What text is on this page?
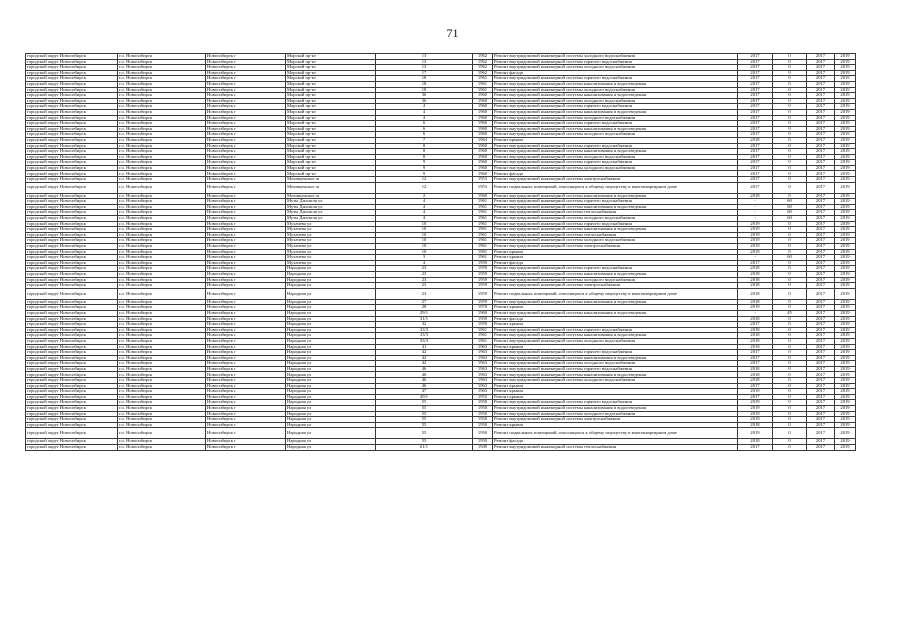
71
городской округ Новосибирск	г.о. Новосибирск	Новосибирск г	Морской пр-кт	13	1962	Ремонт внутридомовой инженерной системы холодного водоснабжения	2017	0	2017	2019
городской округ Новосибирск	г.о. Новосибирск	Новосибирск г	Морской пр-кт	13	1962	Ремонт внутридомовой инженерной системы горячего водоснабжения	2017	0	2017	2019
городской округ Новосибирск	г.о. Новосибирск	Новосибирск г	Морской пр-кт	13	1962	Ремонт внутридомовой инженерной системы холодного водоснабжения	2017	0	2017	2019
городской округ Новосибирск	г.о. Новосибирск	Новосибирск г	Морской пр-кт	17	1962	Ремонт фасада	2017	0	2017	2019
городской округ Новосибирск	г.о. Новосибирск	Новосибирск г	Морской пр-кт	18	1961	Ремонт внутридомовой инженерной системы горячего водоснабжения	2017	0	2017	2019
городской округ Новосибирск	г.о. Новосибирск	Новосибирск г	Морской пр-кт	18	1961	Ремонт внутридомовой инженерной системы канализования и водоотведения	2017	0	2017	2019
городской округ Новосибирск	г.о. Новосибирск	Новосибирск г	Морской пр-кт	18	1961	Ремонт внутридомовой инженерной системы холодного водоснабжения	2017	0	2017	2019
городской округ Новосибирск	г.о. Новосибирск	Новосибирск г	Морской пр-кт	36	1960	Ремонт внутридомовой инженерной системы канализования и водоотведения	2017	0	2017	2019
городской округ Новосибирск	г.о. Новосибирск	Новосибирск г	Морской пр-кт	36	1960	Ремонт внутридомовой инженерной системы холодного водоснабжения	2017	0	2017	2019
городской округ Новосибирск	г.о. Новосибирск	Новосибирск г	Морской пр-кт	4	1960	Ремонт внутридомовой инженерной системы горячего водоснабжения	2017	0	2017	2019
городской округ Новосибирск	г.о. Новосибирск	Новосибирск г	Морской пр-кт	4	1960	Ремонт внутридомовой инженерной системы канализования и водоотведения	2017	0	2017	2019
городской округ Новосибирск	г.о. Новосибирск	Новосибирск г	Морской пр-кт	4	1960	Ремонт внутридомовой инженерной системы холодного водоснабжения	2017	0	2017	2019
городской округ Новосибирск	г.о. Новосибирск	Новосибирск г	Морской пр-кт	6	1960	Ремонт внутридомовой инженерной системы горячего водоснабжения	2017	0	2017	2019
городской округ Новосибирск	г.о. Новосибирск	Новосибирск г	Морской пр-кт	6	1960	Ремонт внутридомовой инженерной системы канализования и водоотведения	2017	0	2017	2019
городской округ Новосибирск	г.о. Новосибирск	Новосибирск г	Морской пр-кт	6	1960	Ремонт внутридомовой инженерной системы холодного водоснабжения	2017	0	2017	2019
городской округ Новосибирск	г.о. Новосибирск	Новосибирск г	Морской пр-кт	7	1964	Ремонт крыши	2018	0	2017	2019
городской округ Новосибирск	г.о. Новосибирск	Новосибирск г	Морской пр-кт	8	1960	Ремонт внутридомовой инженерной системы горячего водоснабжения	2017	0	2017	2019
городской округ Новосибирск	г.о. Новосибирск	Новосибирск г	Морской пр-кт	8	1960	Ремонт внутридомовой инженерной системы канализования и водоотведения	2017	0	2017	2019
городской округ Новосибирск	г.о. Новосибирск	Новосибирск г	Морской пр-кт	8	1960	Ремонт внутридомовой инженерной системы холодного водоснабжения	2017	0	2017	2019
городской округ Новосибирск	г.о. Новосибирск	Новосибирск г	Морской пр-кт	9	1960	Ремонт внутридомовой инженерной системы горячего водоснабжения	2017	0	2017	2019
городской округ Новосибирск	г.о. Новосибирск	Новосибирск г	Морской пр-кт	9	1960	Ремонт внутридомовой инженерной системы холодного водоснабжения	2017	0	2017	2019
городской округ Новосибирск	г.о. Новосибирск	Новосибирск г	Морской пр-кт	9	1960	Ремонт фасада	2017	0	2017	2019
городской округ Новосибирск	г.о. Новосибирск	Новосибирск г	Мочищенское ш	12	1953	Ремонт внутридомовой инженерной системы электроснабжения	2017	0	2017	2019
городской округ Новосибирск	г.о. Новосибирск	Новосибирск г	Мочищенское ш	12	1953	Ремонт подвальных помещений, относящихся к общему имуществу в многоквартирном доме	2017	0	2017	2019
городской округ Новосибирск	г.о. Новосибирск	Новосибирск г	Мочищенское ш	2	1960	Ремонт внутридомовой инженерной системы канализования и водоотведения	2018	0	2017	2019
городской округ Новосибирск	г.о. Новосибирск	Новосибирск г	Музы Джалиля ул	4	1961	Ремонт внутридомовой инженерной системы горячего водоснабжения	-	60	2017	2019
городской округ Новосибирск	г.о. Новосибирск	Новосибирск г	Музы Джалиля ул	4	1961	Ремонт внутридомовой инженерной системы канализования и водоотведения	-	60	2017	2019
городской округ Новосибирск	г.о. Новосибирск	Новосибирск г	Музы Джалиля ул	4	1961	Ремонт внутридомовой инженерной системы теплоснабжения	-	60	2017	2019
городской округ Новосибирск	г.о. Новосибирск	Новосибирск г	Музы Джалиля ул	4	1961	Ремонт внутридомовой инженерной системы холодного водоснабжения	-	60	2017	2019
городской округ Новосибирск	г.о. Новосибирск	Новосибирск г	Мухачева ул	10	1961	Ремонт внутридомовой инженерной системы горячего водоснабжения	2019	0	2017	2019
городской округ Новосибирск	г.о. Новосибирск	Новосибирск г	Мухачева ул	10	1961	Ремонт внутридомовой инженерной системы канализования и водоотведения	2019	0	2017	2019
городской округ Новосибирск	г.о. Новосибирск	Новосибирск г	Мухачева ул	10	1961	Ремонт внутридомовой инженерной системы теплоснабжения	2019	0	2017	2019
городской округ Новосибирск	г.о. Новосибирск	Новосибирск г	Мухачева ул	10	1961	Ремонт внутридомовой инженерной системы холодного водоснабжения	2019	0	2017	2019
городской округ Новосибирск	г.о. Новосибирск	Новосибирск г	Мухачева ул	10	1961	Ремонт внутридомовой инженерной системы электроснабжения	2019	0	2017	2019
городской округ Новосибирск	г.о. Новосибирск	Новосибирск г	Мухачева ул	10	1961	Ремонт крыши	2019	0	2017	2019
городской округ Новосибирск	г.о. Новосибирск	Новосибирск г	Мухачева ул	3	1961	Ремонт крыши	-	60	2017	2019
городской округ Новосибирск	г.о. Новосибирск	Новосибирск г	Мухачева ул	4	1959	Ремонт фасада	2017	0	2017	2019
городской округ Новосибирск	г.о. Новосибирск	Новосибирск г	Народная ул	23	1959	Ремонт внутридомовой инженерной системы горячего водоснабжения	2018	0	2017	2019
городской округ Новосибирск	г.о. Новосибирск	Новосибирск г	Народная ул	23	1959	Ремонт внутридомовой инженерной системы канализования и водоотведения	2018	0	2017	2019
городской округ Новосибирск	г.о. Новосибирск	Новосибирск г	Народная ул	23	1959	Ремонт внутридомовой инженерной системы холодного водоснабжения	2018	0	2017	2019
городской округ Новосибирск	г.о. Новосибирск	Новосибирск г	Народная ул	23	1959	Ремонт внутридомовой инженерной системы электроснабжения	2018	0	2017	2019
городской округ Новосибирск	г.о. Новосибирск	Новосибирск г	Народная ул	23	1959	Ремонт подвальных помещений, относящихся к общему имуществу в многоквартирном доме	2018	0	2017	2019
городской округ Новосибирск	г.о. Новосибирск	Новосибирск г	Народная ул	27	1959	Ремонт внутридомовой инженерной системы канализования и водоотведения	2018	0	2017	2019
городской округ Новосибирск	г.о. Новосибирск	Новосибирск г	Народная ул	28	1970	Ремонт крыши	2019	0	2017	2019
городской округ Новосибирск	г.о. Новосибирск	Новосибирск г	Народная ул	29/1	1960	Ремонт внутридомовой инженерной системы канализования и водоотведения	-	45	2017	2019
городской округ Новосибирск	г.о. Новосибирск	Новосибирск г	Народная ул	31/1	1959	Ремонт фасада	2018	0	2017	2019
городской округ Новосибирск	г.о. Новосибирск	Новосибирск г	Народная ул	32	1959	Ремонт крыши	2017	0	2017	2019
городской округ Новосибирск	г.о. Новосибирск	Новосибирск г	Народная ул	33/3	1961	Ремонт внутридомовой инженерной системы горячего водоснабжения	2018	0	2017	2019
городской округ Новосибирск	г.о. Новосибирск	Новосибирск г	Народная ул	33/3	1961	Ремонт внутридомовой инженерной системы канализования и водоотведения	2018	0	2017	2019
городской округ Новосибирск	г.о. Новосибирск	Новосибирск г	Народная ул	33/3	1961	Ремонт внутридомовой инженерной системы холодного водоснабжения	2018	0	2017	2019
городской округ Новосибирск	г.о. Новосибирск	Новосибирск г	Народная ул	41	1963	Ремонт крыши	2018	0	2017	2019
городской округ Новосибирск	г.о. Новосибирск	Новосибирск г	Народная ул	42	1963	Ремонт внутридомовой инженерной системы горячего водоснабжения	2017	0	2017	2019
городской округ Новосибирск	г.о. Новосибирск	Новосибирск г	Народная ул	42	1963	Ремонт внутридомовой инженерной системы канализования и водоотведения	2017	0	2017	2019
городской округ Новосибирск	г.о. Новосибирск	Новосибирск г	Народная ул	42	1963	Ремонт внутридомовой инженерной системы холодного водоснабжения	2017	0	2017	2019
городской округ Новосибирск	г.о. Новосибирск	Новосибирск г	Народная ул	46	1963	Ремонт внутридомовой инженерной системы горячего водоснабжения	2018	0	2017	2019
городской округ Новосибирск	г.о. Новосибирск	Новосибирск г	Народная ул	46	1963	Ремонт внутридомовой инженерной системы канализования и водоотведения	2018	0	2017	2019
городской округ Новосибирск	г.о. Новосибирск	Новосибирск г	Народная ул	46	1963	Ремонт внутридомовой инженерной системы холодного водоснабжения	2018	0	2017	2019
городской округ Новосибирск	г.о. Новосибирск	Новосибирск г	Народная ул	46	1963	Ремонт крыши	2017	0	2017	2019
городской округ Новосибирск	г.о. Новосибирск	Новосибирск г	Народная ул	47	1963	Ремонт крыши	2019	0	2017	2019
городской округ Новосибирск	г.о. Новосибирск	Новосибирск г	Народная ул	49/1	1952	Ремонт крыши	2017	0	2017	2019
городской округ Новосибирск	г.о. Новосибирск	Новосибирск г	Народная ул	55	1950	Ремонт внутридомовой инженерной системы горячего водоснабжения	2019	0	2017	2019
городской округ Новосибирск	г.о. Новосибирск	Новосибирск г	Народная ул	55	1950	Ремонт внутридомовой инженерной системы канализования и водоотведения	2019	0	2017	2019
городской округ Новосибирск	г.о. Новосибирск	Новосибирск г	Народная ул	55	1950	Ремонт внутридомовой инженерной системы холодного водоснабжения	2019	0	2017	2019
городской округ Новосибирск	г.о. Новосибирск	Новосибирск г	Народная ул	55	1950	Ремонт внутридомовой инженерной системы электроснабжения	2019	0	2017	2019
городской округ Новосибирск	г.о. Новосибирск	Новосибирск г	Народная ул	55	1950	Ремонт крыши	2018	0	2017	2019
городской округ Новосибирск	г.о. Новосибирск	Новосибирск г	Народная ул	55	1950	Ремонт подвальных помещений, относящихся к общему имуществу в многоквартирном доме	2019	0	2017	2019
городской округ Новосибирск	г.о. Новосибирск	Новосибирск г	Народная ул	55	1950	Ремонт фасада	2018	0	2017	2019
городской округ Новосибирск	г.о. Новосибирск	Новосибирск г	Народная ул	61/1	1949	Ремонт внутридомовой инженерной системы теплоснабжения	2017	0	2017	2019
